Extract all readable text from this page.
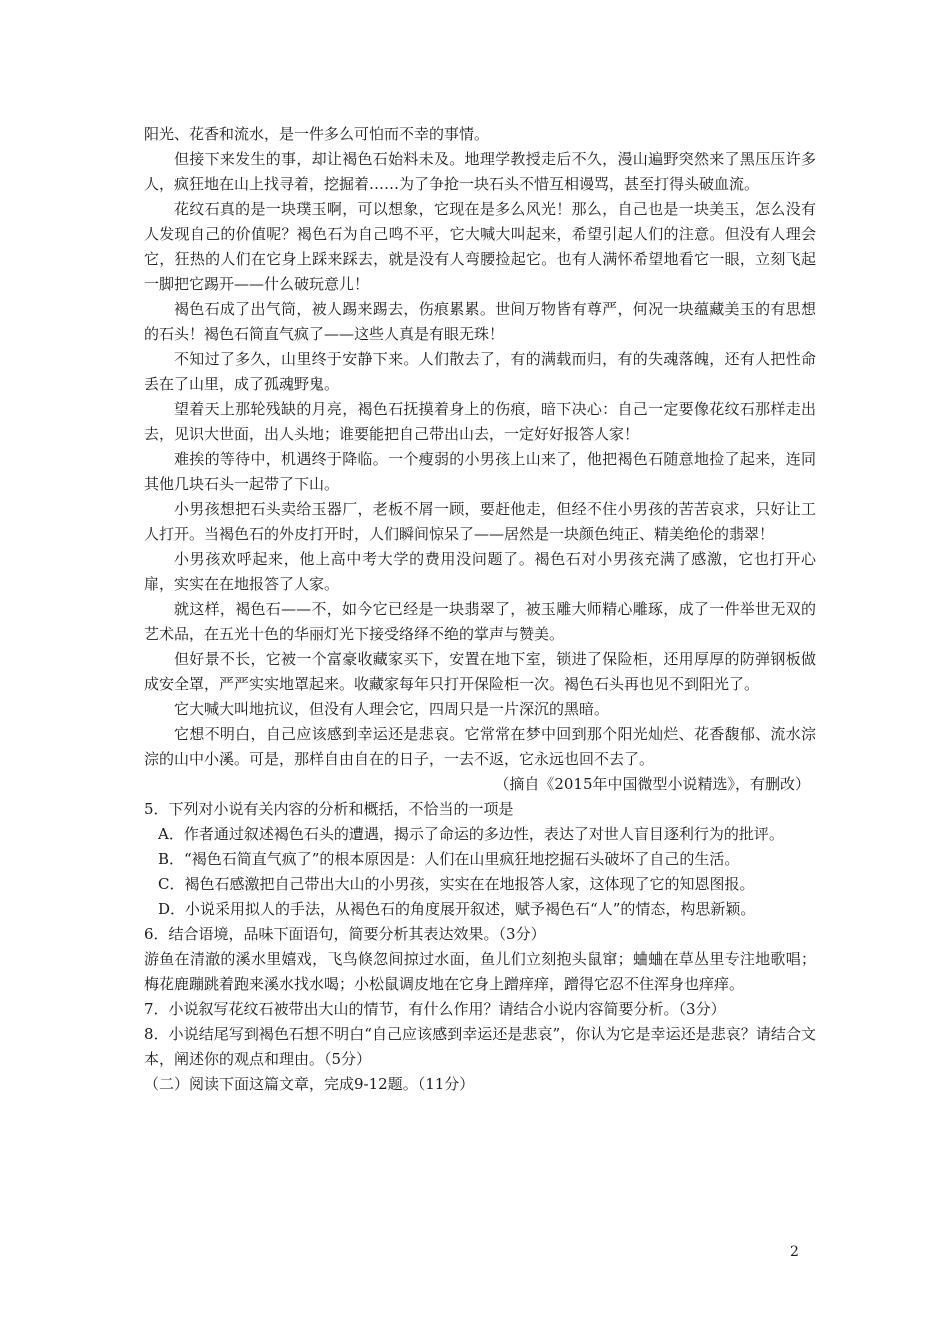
阳光、花香和流水，是一件多么可怕而不幸的事情。

但接下来发生的事，却让褐色石始料未及。地理学教授走后不久，漫山遍野突然来了黑压压许多人，疯狂地在山上找寻着，挖掘着……为了争抢一块石头不惜互相谩骂，甚至打得头破血流。

花纹石真的是一块璞玉啊，可以想象，它现在是多么风光！那么，自己也是一块美玉，怎么没有人发现自己的价值呢？褐色石为自己鸣不平，它大喊大叫起来，希望引起人们的注意。但没有人理会它，狂热的人们在它身上踩来踩去，就是没有人弯腰捡起它。也有人满怀希望地看它一眼，立刻飞起一脚把它踢开——什么破玩意儿！

褐色石成了出气筒，被人踢来踢去，伤痕累累。世间万物皆有尊严，何况一块蕴藏美玉的有思想的石头！褐色石简直气疯了——这些人真是有眼无珠！

不知过了多久，山里终于安静下来。人们散去了，有的满载而归，有的失魂落魄，还有人把性命丢在了山里，成了孤魂野鬼。

望着天上那轮残缺的月亮，褐色石抚摸着身上的伤痕，暗下决心：自己一定要像花纹石那样走出去，见识大世面，出人头地；谁要能把自己带出山去，一定好好报答人家！

难挨的等待中，机遇终于降临。一个瘦弱的小男孩上山来了，他把褐色石随意地捡了起来，连同其他几块石头一起带了下山。

小男孩想把石头卖给玉器厂，老板不屑一顾，要赶他走，但经不住小男孩的苦苦哀求，只好让工人打开。当褐色石的外皮打开时，人们瞬间惊呆了——居然是一块颜色纯正、精美绝伦的翡翠！

小男孩欢呼起来，他上高中考大学的费用没问题了。褐色石对小男孩充满了感激，它也打开心扉，实实在在地报答了人家。

就这样，褐色石——不，如今它已经是一块翡翠了，被玉雕大师精心雕琢，成了一件举世无双的艺术品，在五光十色的华丽灯光下接受络绎不绝的掌声与赞美。

但好景不长，它被一个富豪收藏家买下，安置在地下室，锁进了保险柜，还用厚厚的防弹钢板做成安全罩，严严实实地罩起来。收藏家每年只打开保险柜一次。褐色石头再也见不到阳光了。

它大喊大叫地抗议，但没有人理会它，四周只是一片深沉的黑暗。

它想不明白，自己应该感到幸运还是悲哀。它常常在梦中回到那个阳光灿烂、花香馥郁、流水淙淙的山中小溪。可是，那样自由自在的日子，一去不返，它永远也回不去了。

（摘自《2015年中国微型小说精选》，有删改）

5．下列对小说有关内容的分析和概括，不恰当的一项是

A．作者通过叙述褐色石头的遭遇，揭示了命运的多边性，表达了对世人盲目逐利行为的批评。

B．“褐色石简直气疯了”的根本原因是：人们在山里疯狂地挖掘石头破坏了自己的生活。

C．褐色石感激把自己带出大山的小男孩，实实在在地报答人家，这体现了它的知恩图报。

D．小说采用拟人的手法，从褐色石的角度展开叙述，赋予褐色石“人”的情态，构思新颖。

6．结合语境，品味下面语句，简要分析其表达效果。（3分）

游鱼在清澈的溪水里嬉戏，飞鸟倏忽间掠过水面，鱼儿们立刻抱头鼠窜；蛐蛐在草丛里专注地歌唱；梅花鹿蹦跳着跑来溪水找水喝；小松鼠调皮地在它身上蹭痒痒，蹭得它忍不住浑身也痒痒。

7．小说叙写花纹石被带出大山的情节，有什么作用？请结合小说内容简要分析。（3分）

8．小说结尾写到褐色石想不明白“自己应该感到幸运还是悲哀”，你认为它是幸运还是悲哀？请结合文本，阐述你的观点和理由。（5分）

（二）阅读下面这篇文章，完成9-12题。（11分）

2
